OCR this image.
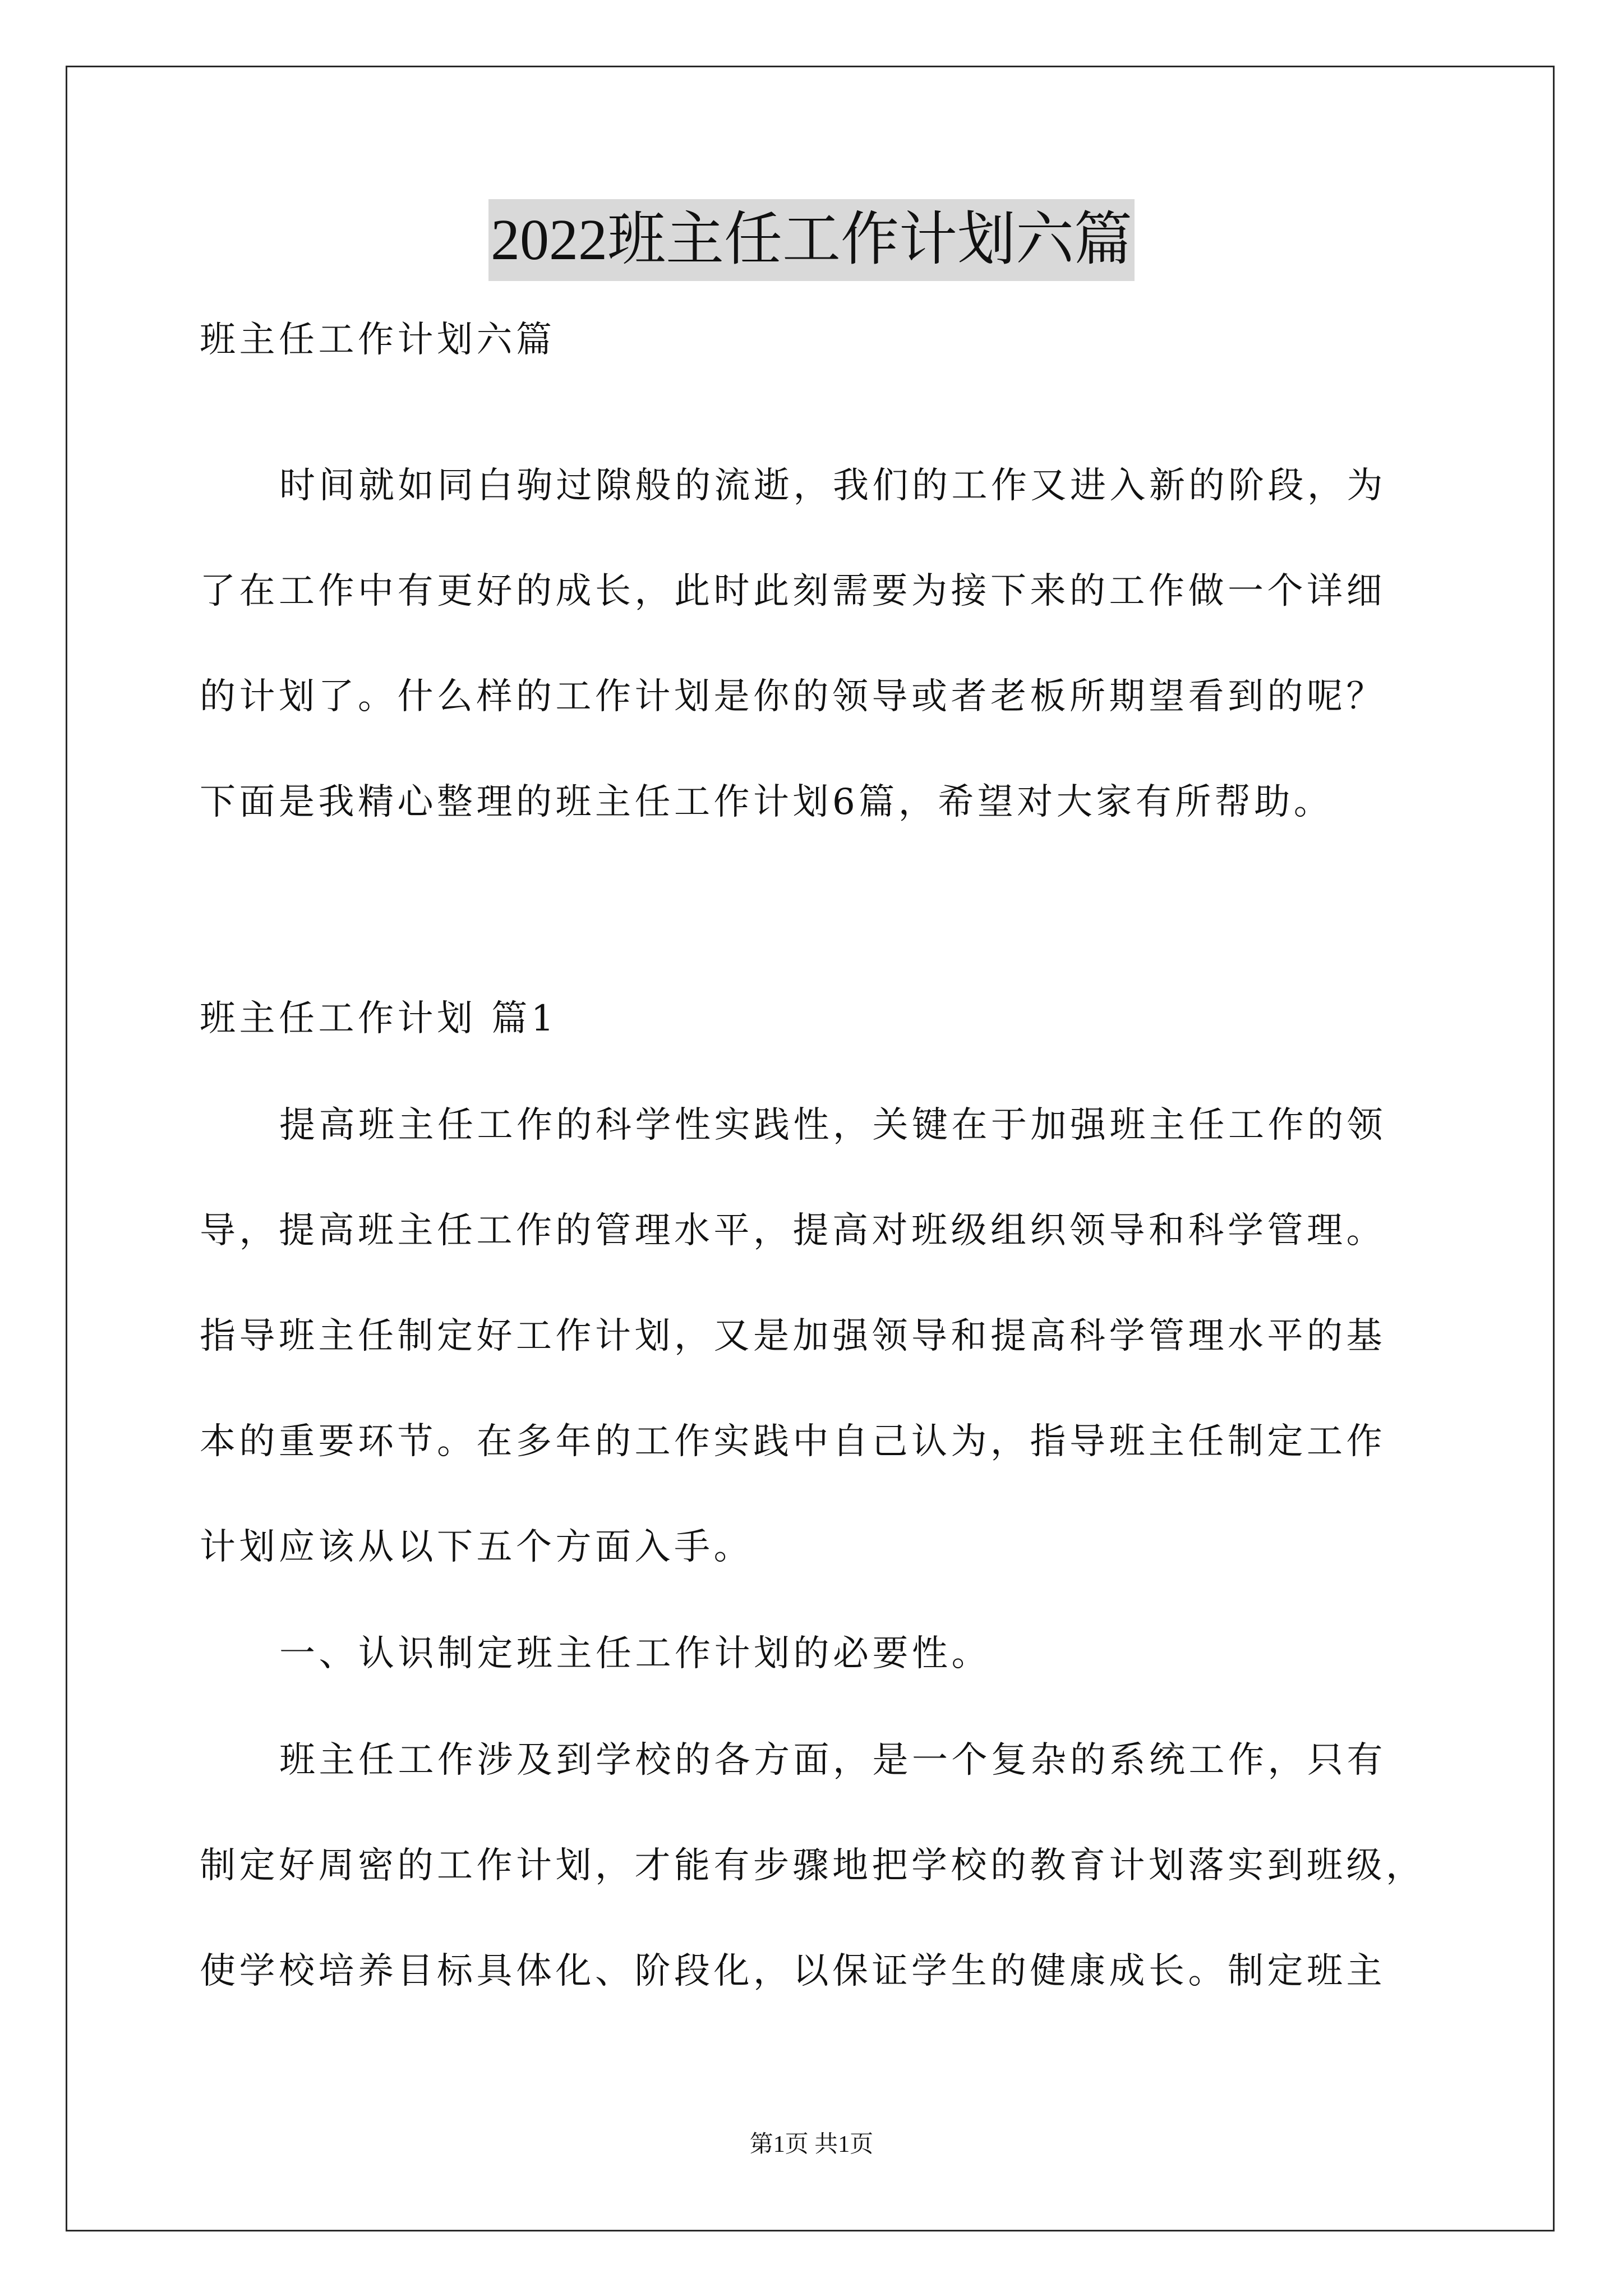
2022班主任工作计划六篇
班主任工作计划六篇
时间就如同白驹过隙般的流逝，我们的工作又进入新的阶段，为
了在工作中有更好的成长，此时此刻需要为接下来的工作做一个详细
的计划了。什么样的工作计划是你的领导或者老板所期望看到的呢？
下面是我精心整理的班主任工作计划6篇，希望对大家有所帮助。
班主任工作计划 篇1
提高班主任工作的科学性实践性，关键在于加强班主任工作的领
导，提高班主任工作的管理水平，提高对班级组织领导和科学管理。
指导班主任制定好工作计划，又是加强领导和提高科学管理水平的基
本的重要环节。在多年的工作实践中自己认为，指导班主任制定工作
计划应该从以下五个方面入手。
一、认识制定班主任工作计划的必要性。
班主任工作涉及到学校的各方面，是一个复杂的系统工作，只有
制定好周密的工作计划，才能有步骤地把学校的教育计划落实到班级，
使学校培养目标具体化、阶段化，以保证学生的健康成长。制定班主
第1页 共1页
